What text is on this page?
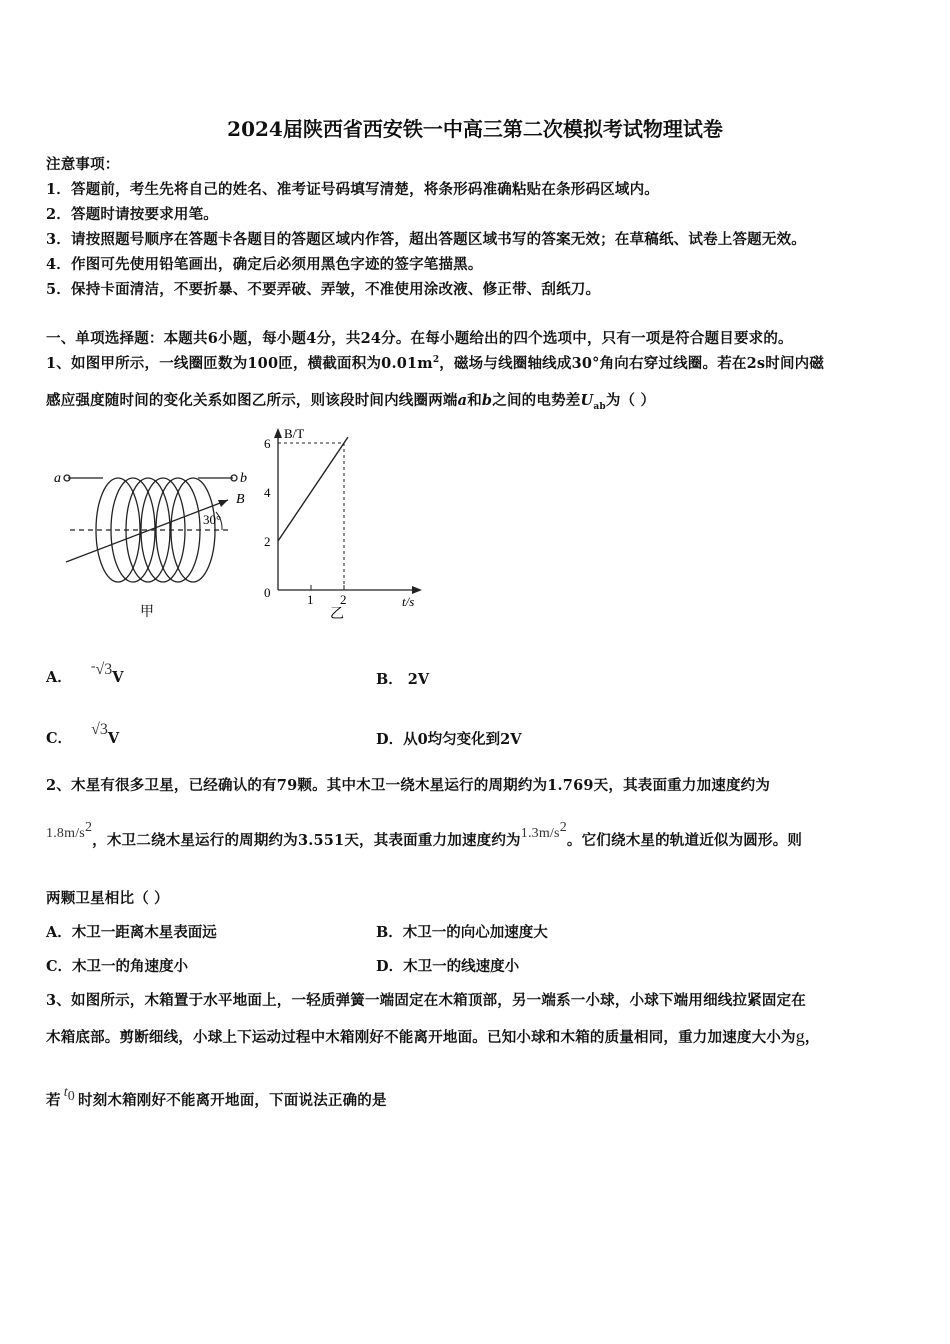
2024届陕西省西安铁一中高三第二次模拟考试物理试卷
注意事项：
1．答题前，考生先将自己的姓名、准考证号码填写清楚，将条形码准确粘贴在条形码区域内。
2．答题时请按要求用笔。
3．请按照题号顺序在答题卡各题目的答题区域内作答，超出答题区域书写的答案无效；在草稿纸、试卷上答题无效。
4．作图可先使用铅笔画出，确定后必须用黑色字迹的签字笔描黑。
5．保持卡面清洁，不要折暴、不要弄破、弄皱，不准使用涂改液、修正带、刮纸刀。
一、单项选择题：本题共6小题，每小题4分，共24分。在每小题给出的四个选项中，只有一项是符合题目要求的。
1、如图甲所示，一线圈匝数为100匝，横截面积为$0.01m^2$，磁场与线圈轴线成30°角向右穿过线圈。若在2s时间内磁
感应强度随时间的变化关系如图乙所示，则该段时间内线圈两端a和b之间的电势差$U_{ab}$为（ ）
a	b
B
30°
甲
B/T
t/s
6
4
2
1 2
0
乙
A． -√3V	B． 2V
C． √3V	D．从0均匀变化到2V
2、木星有很多卫星，已经确认的有79颗。其中木卫一绕木星运行的周期约为1.769天，其表面重力加速度约为
$1.8m/s^2$，木卫二绕木星运行的周期约为3.551天，其表面重力加速度约为$1.3m/s^2$。它们绕木星的轨道近似为圆形。则
两颗卫星相比（ ）
A．木卫一距离木星表面远	B．木卫一的向心加速度大
C．木卫一的角速度小	D．木卫一的线速度小
3、如图所示，木箱置于水平地面上，一轻质弹簧一端固定在木箱顶部，另一端系一小球，小球下端用细线拉紧固定在
木箱底部。剪断细线，小球上下运动过程中木箱刚好不能离开地面。已知小球和木箱的质量相同，重力加速度大小为g，
若 $t_0$ 时刻木箱刚好不能离开地面，下面说法正确的是
